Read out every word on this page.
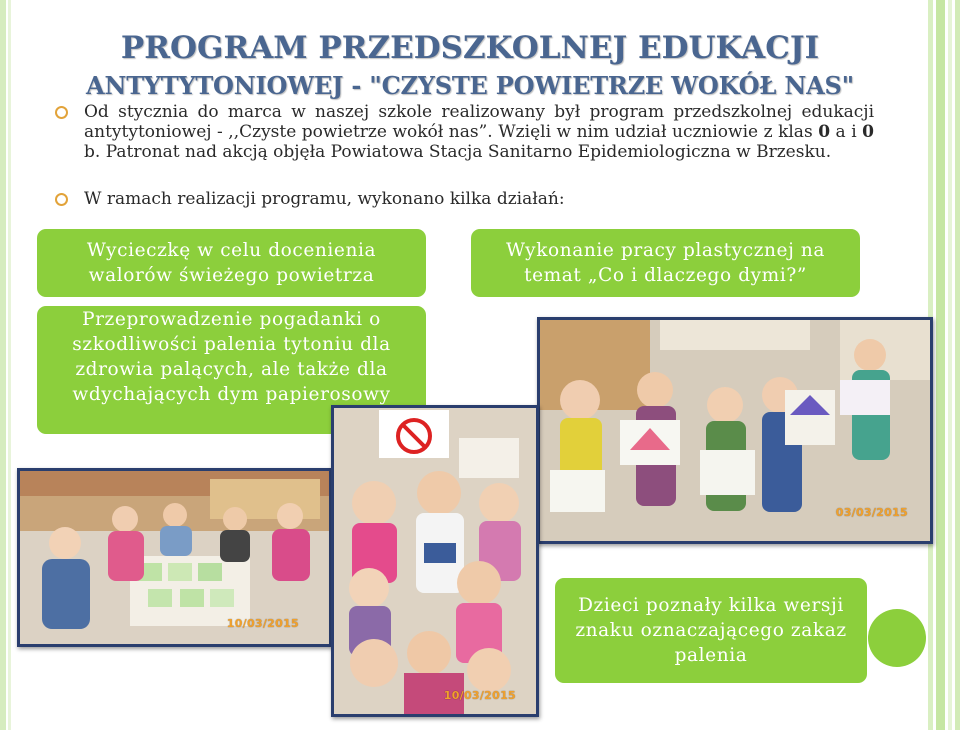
PROGRAM PRZEDSZKOLNEJ EDUKACJI
ANTYTYTONIOWEJ - "CZYSTE POWIETRZE WOKÓŁ NAS"
Od stycznia do marca w naszej szkole realizowany był program przedszkolnej edukacji antytytoniowej - ,,Czyste powietrze wokół nas”. Wzięli w nim udział uczniowie z klas 0 a i 0 b. Patronat nad akcją objęła Powiatowa Stacja Sanitarno Epidemiologiczna w Brzesku.
W ramach realizacji programu, wykonano kilka działań:
Wycieczkę w celu docenienia walorów świeżego powietrza
Wykonanie pracy plastycznej na temat „Co i dlaczego dymi?”
Przeprowadzenie pogadanki o szkodliwości palenia tytoniu dla zdrowia palących, ale także dla wdychających dym papierosowy
Dzieci poznały kilka wersji znaku oznaczającego zakaz palenia
10/03/2015
10/03/2015
03/03/2015
